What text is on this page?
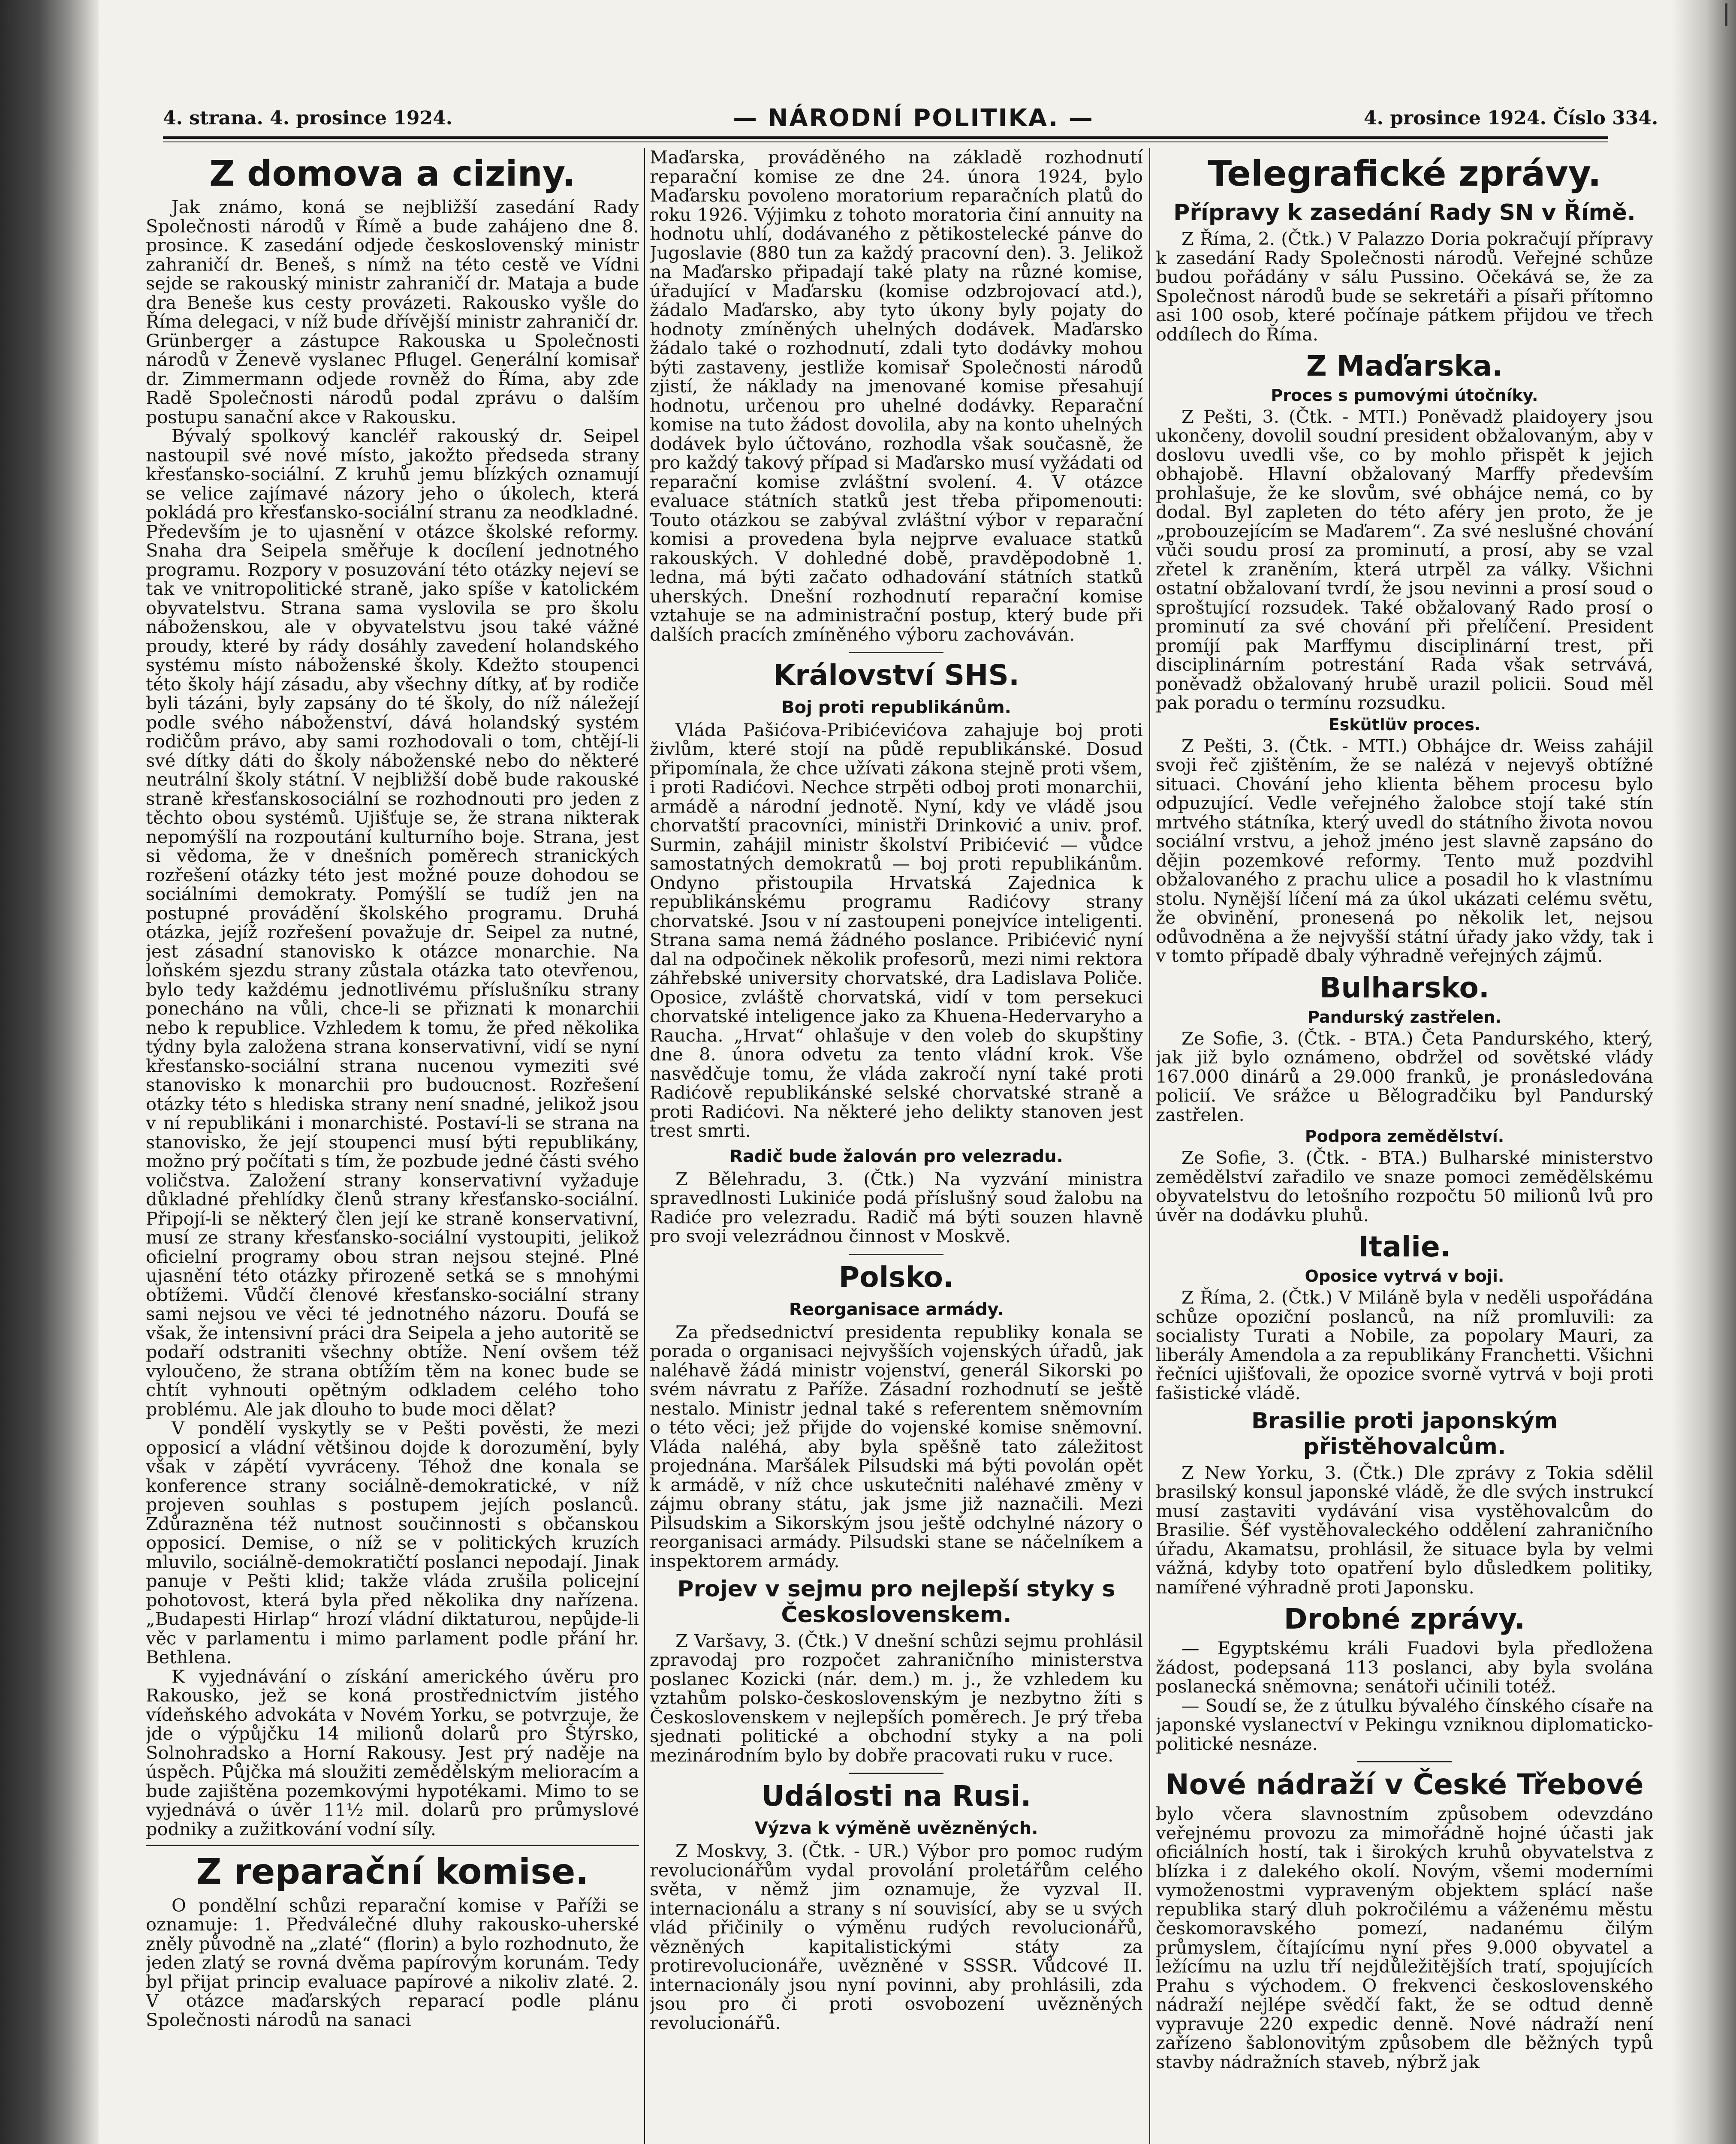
4. strana. 4. prosince 1924.	— NÁRODNÍ POLITIKA. —	4. prosince 1924. Číslo 334.
Z domova a ciziny.

Jak známo, koná se nejbližší zasedání Rady Společnosti národů v Římě a bude zahájeno dne 8. prosince. K zasedání odjede československý ministr zahraničí dr. Beneš, s nímž na této cestě ve Vídni sejde se rakouský ministr zahraničí dr. Mataja a bude dra Beneše kus cesty provázeti. Rakousko vyšle do Říma delegaci, v níž bude dřívější ministr zahraničí dr. Grünberger a zástupce Rakouska u Společnosti národů v Ženevě vyslanec Pflugel. Generální komisař dr. Zimmermann odjede rovněž do Říma, aby zde Radě Společnosti národů podal zprávu o dalším postupu sanační akce v Rakousku.

Bývalý spolkový kancléř rakouský dr. Seipel nastoupil své nové místo, jakožto předseda strany křesťansko-sociální. Z kruhů jemu blízkých oznamují se velice zajímavé názory jeho o úkolech, která pokládá pro křesťansko-sociální stranu za neodkladné. Především je to ujasnění v otázce školské reformy. Snaha dra Seipela směřuje k docílení jednotného programu. Rozpory v posuzování této otázky nejeví se tak ve vnitropolitické straně, jako spíše v katolickém obyvatelstvu. Strana sama vyslovila se pro školu náboženskou, ale v obyvatelstvu jsou také vážné proudy, které by rády dosáhly zavedení holandského systému místo náboženské školy. Kdežto stoupenci této školy hájí zásadu, aby všechny dítky, ať by rodiče byli tázáni, byly zapsány do té školy, do níž náležejí podle svého náboženství, dává holandský systém rodičům právo, aby sami rozhodovali o tom, chtějí-li své dítky dáti do školy náboženské nebo do některé neutrální školy státní. V nejbližší době bude rakouské straně křesťanskosociální se rozhodnouti pro jeden z těchto obou systémů. Ujišťuje se, že strana nikterak nepomýšlí na rozpoutání kulturního boje. Strana, jest si vědoma, že v dnešních poměrech stranických rozřešení otázky této jest možné pouze dohodou se sociálními demokraty. Pomýšlí se tudíž jen na postupné provádění školského programu. Druhá otázka, jejíž rozřešení považuje dr. Seipel za nutné, jest zásadní stanovisko k otázce monarchie. Na loňském sjezdu strany zůstala otázka tato otevřenou, bylo tedy každému jednotlivému příslušníku strany ponecháno na vůli, chce-li se přiznati k monarchii nebo k republice. Vzhledem k tomu, že před několika týdny byla založena strana konservativní, vidí se nyní křesťansko-sociální strana nucenou vymeziti své stanovisko k monarchii pro budoucnost. Rozřešení otázky této s hlediska strany není snadné, jelikož jsou v ní republikáni i monarchisté. Postaví-li se strana na stanovisko, že její stoupenci musí býti republikány, možno prý počítati s tím, že pozbude jedné části svého voličstva. Založení strany konservativní vyžaduje důkladné přehlídky členů strany křesťansko-sociální. Připojí-li se některý člen její ke straně konservativní, musí ze strany křesťansko-sociální vystoupiti, jelikož oficielní programy obou stran nejsou stejné. Plné ujasnění této otázky přirozeně setká se s mnohými obtížemi. Vůdčí členové křesťansko-sociální strany sami nejsou ve věci té jednotného názoru. Doufá se však, že intensivní práci dra Seipela a jeho autoritě se podaří odstraniti všechny obtíže. Není ovšem též vyloučeno, že strana obtížím těm na konec bude se chtít vyhnouti opětným odkladem celého toho problému. Ale jak dlouho to bude moci dělat?

V pondělí vyskytly se v Pešti pověsti, že mezi opposicí a vládní většinou dojde k dorozumění, byly však v zápětí vyvráceny. Téhož dne konala se konference strany sociálně-demokratické, v níž projeven souhlas s postupem jejích poslanců. Zdůrazněna též nutnost součinnosti s občanskou opposicí. Demise, o níž se v politických kruzích mluvilo, sociálně-demokratičtí poslanci nepodají. Jinak panuje v Pešti klid; takže vláda zrušila policejní pohotovost, která byla před několika dny nařízena. „Budapesti Hirlap“ hrozí vládní diktaturou, nepůjde-li věc v parlamentu i mimo parlament podle přání hr. Bethlena.

K vyjednávání o získání amerického úvěru pro Rakousko, jež se koná prostřednictvím jistého vídeňského advokáta v Novém Yorku, se potvrzuje, že jde o výpůjčku 14 milionů dolarů pro Štýrsko, Solnohradsko a Horní Rakousy. Jest prý naděje na úspěch. Půjčka má sloužiti zemědělským melioracím a bude zajištěna pozemkovými hypotékami. Mimo to se vyjednává o úvěr 11½ mil. dolarů pro průmyslové podniky a zužitkování vodní síly.

Z reparační komise.

O pondělní schůzi reparační komise v Paříži se oznamuje: 1. Předválečné dluhy rakousko-uherské zněly původně na „zlaté“ (florin) a bylo rozhodnuto, že jeden zlatý se rovná dvěma papírovým korunám. Tedy byl přijat princip evaluace papírové a nikoliv zlaté. 2. V otázce maďarských reparací podle plánu Společnosti národů na sanaci

Maďarska, prováděného na základě rozhodnutí reparační komise ze dne 24. února 1924, bylo Maďarsku povoleno moratorium reparačních platů do roku 1926. Výjimku z tohoto moratoria činí annuity na hodnotu uhlí, dodávaného z pětikostelecké pánve do Jugoslavie (880 tun za každý pracovní den). 3. Jelikož na Maďarsko připadají také platy na různé komise, úřadující v Maďarsku (komise odzbrojovací atd.), žádalo Maďarsko, aby tyto úkony byly pojaty do hodnoty zmíněných uhelných dodávek. Maďarsko žádalo také o rozhodnutí, zdali tyto dodávky mohou býti zastaveny, jestliže komisař Společnosti národů zjistí, že náklady na jmenované komise přesahují hodnotu, určenou pro uhelné dodávky. Reparační komise na tuto žádost dovolila, aby na konto uhelných dodávek bylo účtováno, rozhodla však současně, že pro každý takový případ si Maďarsko musí vyžádati od reparační komise zvláštní svolení. 4. V otázce evaluace státních statků jest třeba připomenouti: Touto otázkou se zabýval zvláštní výbor v reparační komisi a provedena byla nejprve evaluace statků rakouských. V dohledné době, pravděpodobně 1. ledna, má býti začato odhadování státních statků uherských. Dnešní rozhodnutí reparační komise vztahuje se na administrační postup, který bude při dalších pracích zmíněného výboru zachováván.

Království SHS.
Boj proti republikánům.

Vláda Pašićova-Pribićevićova zahajuje boj proti živlům, které stojí na půdě republikánské. Dosud připomínala, že chce užívati zákona stejně proti všem, i proti Radićovi. Nechce strpěti odboj proti monarchii, armádě a národní jednotě. Nyní, kdy ve vládě jsou chorvatští pracovníci, ministři Drinković a univ. prof. Surmin, zahájil ministr školství Pribićević — vůdce samostatných demokratů — boj proti republikánům. Ondyno přistoupila Hrvatská Zajednica k republikánskému programu Radićovy strany chorvatské. Jsou v ní zastoupeni ponejvíce inteligenti. Strana sama nemá žádného poslance. Pribićević nyní dal na odpočinek několik profesorů, mezi nimi rektora záhřebské university chorvatské, dra Ladislava Poliče. Oposice, zvláště chorvatská, vidí v tom persekuci chorvatské inteligence jako za Khuena-Hedervaryho a Raucha. „Hrvat“ ohlašuje v den voleb do skupštiny dne 8. února odvetu za tento vládní krok. Vše nasvědčuje tomu, že vláda zakročí nyní také proti Radićově republikánské selské chorvatské straně a proti Radićovi. Na některé jeho delikty stanoven jest trest smrti.

Radič bude žalován pro velezradu.

Z Bělehradu, 3. (Čtk.) Na vyzvání ministra spravedlnosti Lukiniće podá příslušný soud žalobu na Radiće pro velezradu. Radič má býti souzen hlavně pro svoji velezrádnou činnost v Moskvě.

Polsko.
Reorganisace armády.

Za předsednictví presidenta republiky konala se porada o organisaci nejvyšších vojenských úřadů, jak naléhavě žádá ministr vojenství, generál Sikorski po svém návratu z Paříže. Zásadní rozhodnutí se ještě nestalo. Ministr jednal také s referentem sněmovním o této věci; jež přijde do vojenské komise sněmovní. Vláda naléhá, aby byla spěšně tato záležitost projednána. Maršálek Pilsudski má býti povolán opět k armádě, v níž chce uskutečniti naléhavé změny v zájmu obrany státu, jak jsme již naznačili. Mezi Pilsudskim a Sikorským jsou ještě odchylné názory o reorganisaci armády. Pilsudski stane se náčelníkem a inspektorem armády.

Projev v sejmu pro nejlepší styky s Československem.

Z Varšavy, 3. (Čtk.) V dnešní schůzi sejmu prohlásil zpravodaj pro rozpočet zahraničního ministerstva poslanec Kozicki (nár. dem.) m. j., že vzhledem ku vztahům polsko-československým je nezbytno žíti s Československem v nejlepších poměrech. Je prý třeba sjednati politické a obchodní styky a na poli mezinárodním bylo by dobře pracovati ruku v ruce.

Události na Rusi.
Výzva k výměně uvězněných.

Z Moskvy, 3. (Čtk. - UR.) Výbor pro pomoc rudým revolucionářům vydal provolání proletářům celého světa, v němž jim oznamuje, že vyzval II. internacionálu a strany s ní souvisící, aby se u svých vlád přičinily o výměnu rudých revolucionářů, vězněných kapitalistickými státy za protirevolucionáře, uvězněné v SSSR. Vůdcové II. internacionály jsou nyní povinni, aby prohlásili, zda jsou pro či proti osvobození uvězněných revolucionářů.

Telegrafické zprávy.
Přípravy k zasedání Rady SN v Římě.

Z Říma, 2. (Čtk.) V Palazzo Doria pokračují přípravy k zasedání Rady Společnosti národů. Veřejné schůze budou pořádány v sálu Pussino. Očekává se, že za Společnost národů bude se sekretáři a písaři přítomno asi 100 osob, které počínaje pátkem přijdou ve třech oddílech do Říma.

Z Maďarska.
Proces s pumovými útočníky.

Z Pešti, 3. (Čtk. - MTI.) Poněvadž plaidoyery jsou ukončeny, dovolil soudní president obžalovaným, aby v doslovu uvedli vše, co by mohlo přispět k jejich obhajobě. Hlavní obžalovaný Marffy především prohlašuje, že ke slovům, své obhájce nemá, co by dodal. Byl zapleten do této aféry jen proto, že je „probouzejícím se Maďarem“. Za své neslušné chování vůči soudu prosí za prominutí, a prosí, aby se vzal zřetel k zraněním, která utrpěl za války. Všichni ostatní obžalovaní tvrdí, že jsou nevinni a prosí soud o sproštující rozsudek. Také obžalovaný Rado prosí o prominutí za své chování při přelíčení. President promíjí pak Marffymu disciplinární trest, při disciplinárním potrestání Rada však setrvává, poněvadž obžalovaný hrubě urazil policii. Soud měl pak poradu o termínu rozsudku.

Eskütlüv proces.

Z Pešti, 3. (Čtk. - MTI.) Obhájce dr. Weiss zahájil svoji řeč zjištěním, že se nalézá v nejevyš obtížné situaci. Chování jeho klienta během procesu bylo odpuzující. Vedle veřejného žalobce stojí také stín mrtvého státníka, který uvedl do státního života novou sociální vrstvu, a jehož jméno jest slavně zapsáno do dějin pozemkové reformy. Tento muž pozdvihl obžalovaného z prachu ulice a posadil ho k vlastnímu stolu. Nynější líčení má za úkol ukázati celému světu, že obvinění, pronesená po několik let, nejsou odůvodněna a že nejvyšší státní úřady jako vždy, tak i v tomto případě dbaly výhradně veřejných zájmů.

Bulharsko.
Pandurský zastřelen.

Ze Sofie, 3. (Čtk. - BTA.) Četa Pandurského, který, jak již bylo oznámeno, obdržel od sovětské vlády 167.000 dinárů a 29.000 franků, je pronásledována policií. Ve srážce u Bělogradčiku byl Pandurský zastřelen.

Podpora zemědělství.

Ze Sofie, 3. (Čtk. - BTA.) Bulharské ministerstvo zemědělství zařadilo ve snaze pomoci zemědělskému obyvatelstvu do letošního rozpočtu 50 milionů lvů pro úvěr na dodávku pluhů.

Italie.
Oposice vytrvá v boji.

Z Říma, 2. (Čtk.) V Miláně byla v neděli uspořádána schůze opoziční poslanců, na níž promluvili: za socialisty Turati a Nobile, za popolary Mauri, za liberály Amendola a za republikány Franchetti. Všichni řečníci ujišťovali, že opozice svorně vytrvá v boji proti fašistické vládě.

Brasilie proti japonským přistěhovalcům.

Z New Yorku, 3. (Čtk.) Dle zprávy z Tokia sdělil brasilský konsul japonské vládě, že dle svých instrukcí musí zastaviti vydávání visa vystěhovalcům do Brasilie. Šéf vystěhovaleckého oddělení zahraničního úřadu, Akamatsu, prohlásil, že situace byla by velmi vážná, kdyby toto opatření bylo důsledkem politiky, namířené výhradně proti Japonsku.

Drobné zprávy.

— Egyptskému králi Fuadovi byla předložena žádost, podepsaná 113 poslanci, aby byla svolána poslanecká sněmovna; senátoři učinili totéž.

— Soudí se, že z útulku bývalého čínského císaře na japonské vyslanectví v Pekingu vzniknou diplomaticko-politické nesnáze.

Nové nádraží v České Třebové

bylo včera slavnostním způsobem odevzdáno veřejnému provozu za mimořádně hojné účasti jak oficiálních hostí, tak i širokých kruhů obyvatelstva z blízka i z dalekého okolí. Novým, všemi moderními vymoženostmi vypraveným objektem splácí naše republika starý dluh pokročilému a váženému městu českomoravského pomezí, nadanému čilým průmyslem, čítajícímu nyní přes 9.000 obyvatel a ležícímu na uzlu tří nejdůležitějších tratí, spojujících Prahu s východem. O frekvenci československého nádraží nejlépe svědčí fakt, že se odtud denně vypravuje 220 expedic denně. Nové nádraží není zařízeno šablonovitým způsobem dle běžných typů stavby nádražních staveb, nýbrž jak
